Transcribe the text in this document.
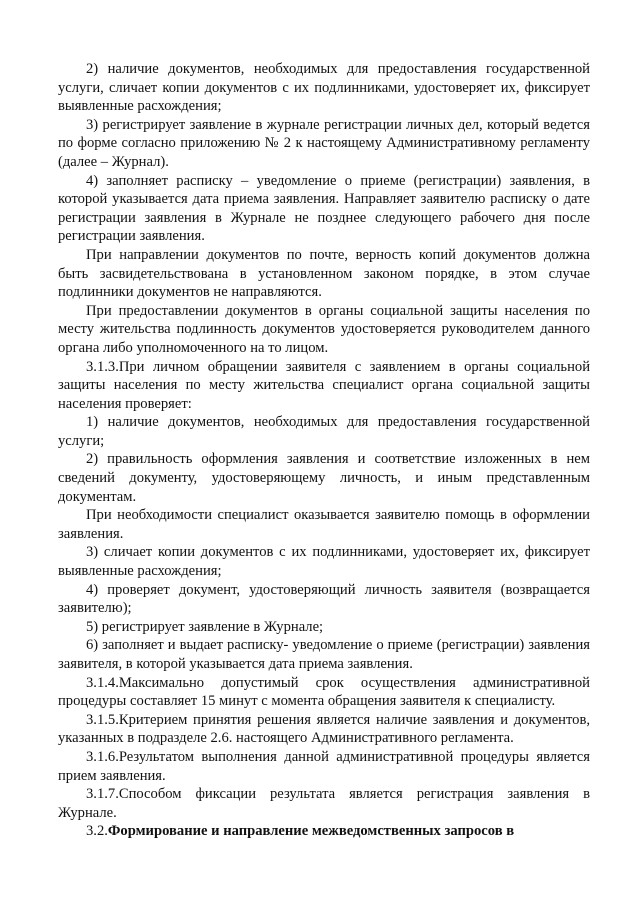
2) наличие документов, необходимых для предоставления государственной услуги, сличает копии документов с их подлинниками, удостоверяет их, фиксирует выявленные расхождения;

3) регистрирует заявление в журнале регистрации личных дел, который ведется по форме согласно приложению № 2 к настоящему Административному регламенту (далее – Журнал).

4) заполняет расписку – уведомление о приеме (регистрации) заявления, в которой указывается дата приема заявления. Направляет заявителю расписку о дате регистрации заявления в Журнале не позднее следующего рабочего дня после регистрации заявления.

При направлении документов по почте, верность копий документов должна быть засвидетельствована в установленном законом порядке, в этом случае подлинники документов не направляются.

При предоставлении документов в органы социальной защиты населения по месту жительства подлинность документов удостоверяется руководителем данного органа либо уполномоченного на то лицом.

3.1.3.При личном обращении заявителя с заявлением в органы социальной защиты населения по месту жительства специалист органа социальной защиты населения проверяет:

1) наличие документов, необходимых для предоставления государственной услуги;

2) правильность оформления заявления и соответствие изложенных в нем сведений документу, удостоверяющему личность, и иным представленным документам.

При необходимости специалист оказывается заявителю помощь в оформлении заявления.

3) сличает копии документов с их подлинниками, удостоверяет их, фиксирует выявленные расхождения;

4) проверяет документ, удостоверяющий личность заявителя (возвращается заявителю);

5) регистрирует заявление в Журнале;

6) заполняет и выдает расписку- уведомление о приеме (регистрации) заявления заявителя, в которой указывается дата приема заявления.

3.1.4.Максимально допустимый срок осуществления административной процедуры составляет 15 минут с момента обращения заявителя к специалисту.

3.1.5.Критерием принятия решения является наличие заявления и документов, указанных в подразделе 2.6. настоящего Административного регламента.

3.1.6.Результатом выполнения данной административной процедуры является прием заявления.

3.1.7.Способом фиксации результата является регистрация заявления в Журнале.

3.2.Формирование и направление межведомственных запросов в
